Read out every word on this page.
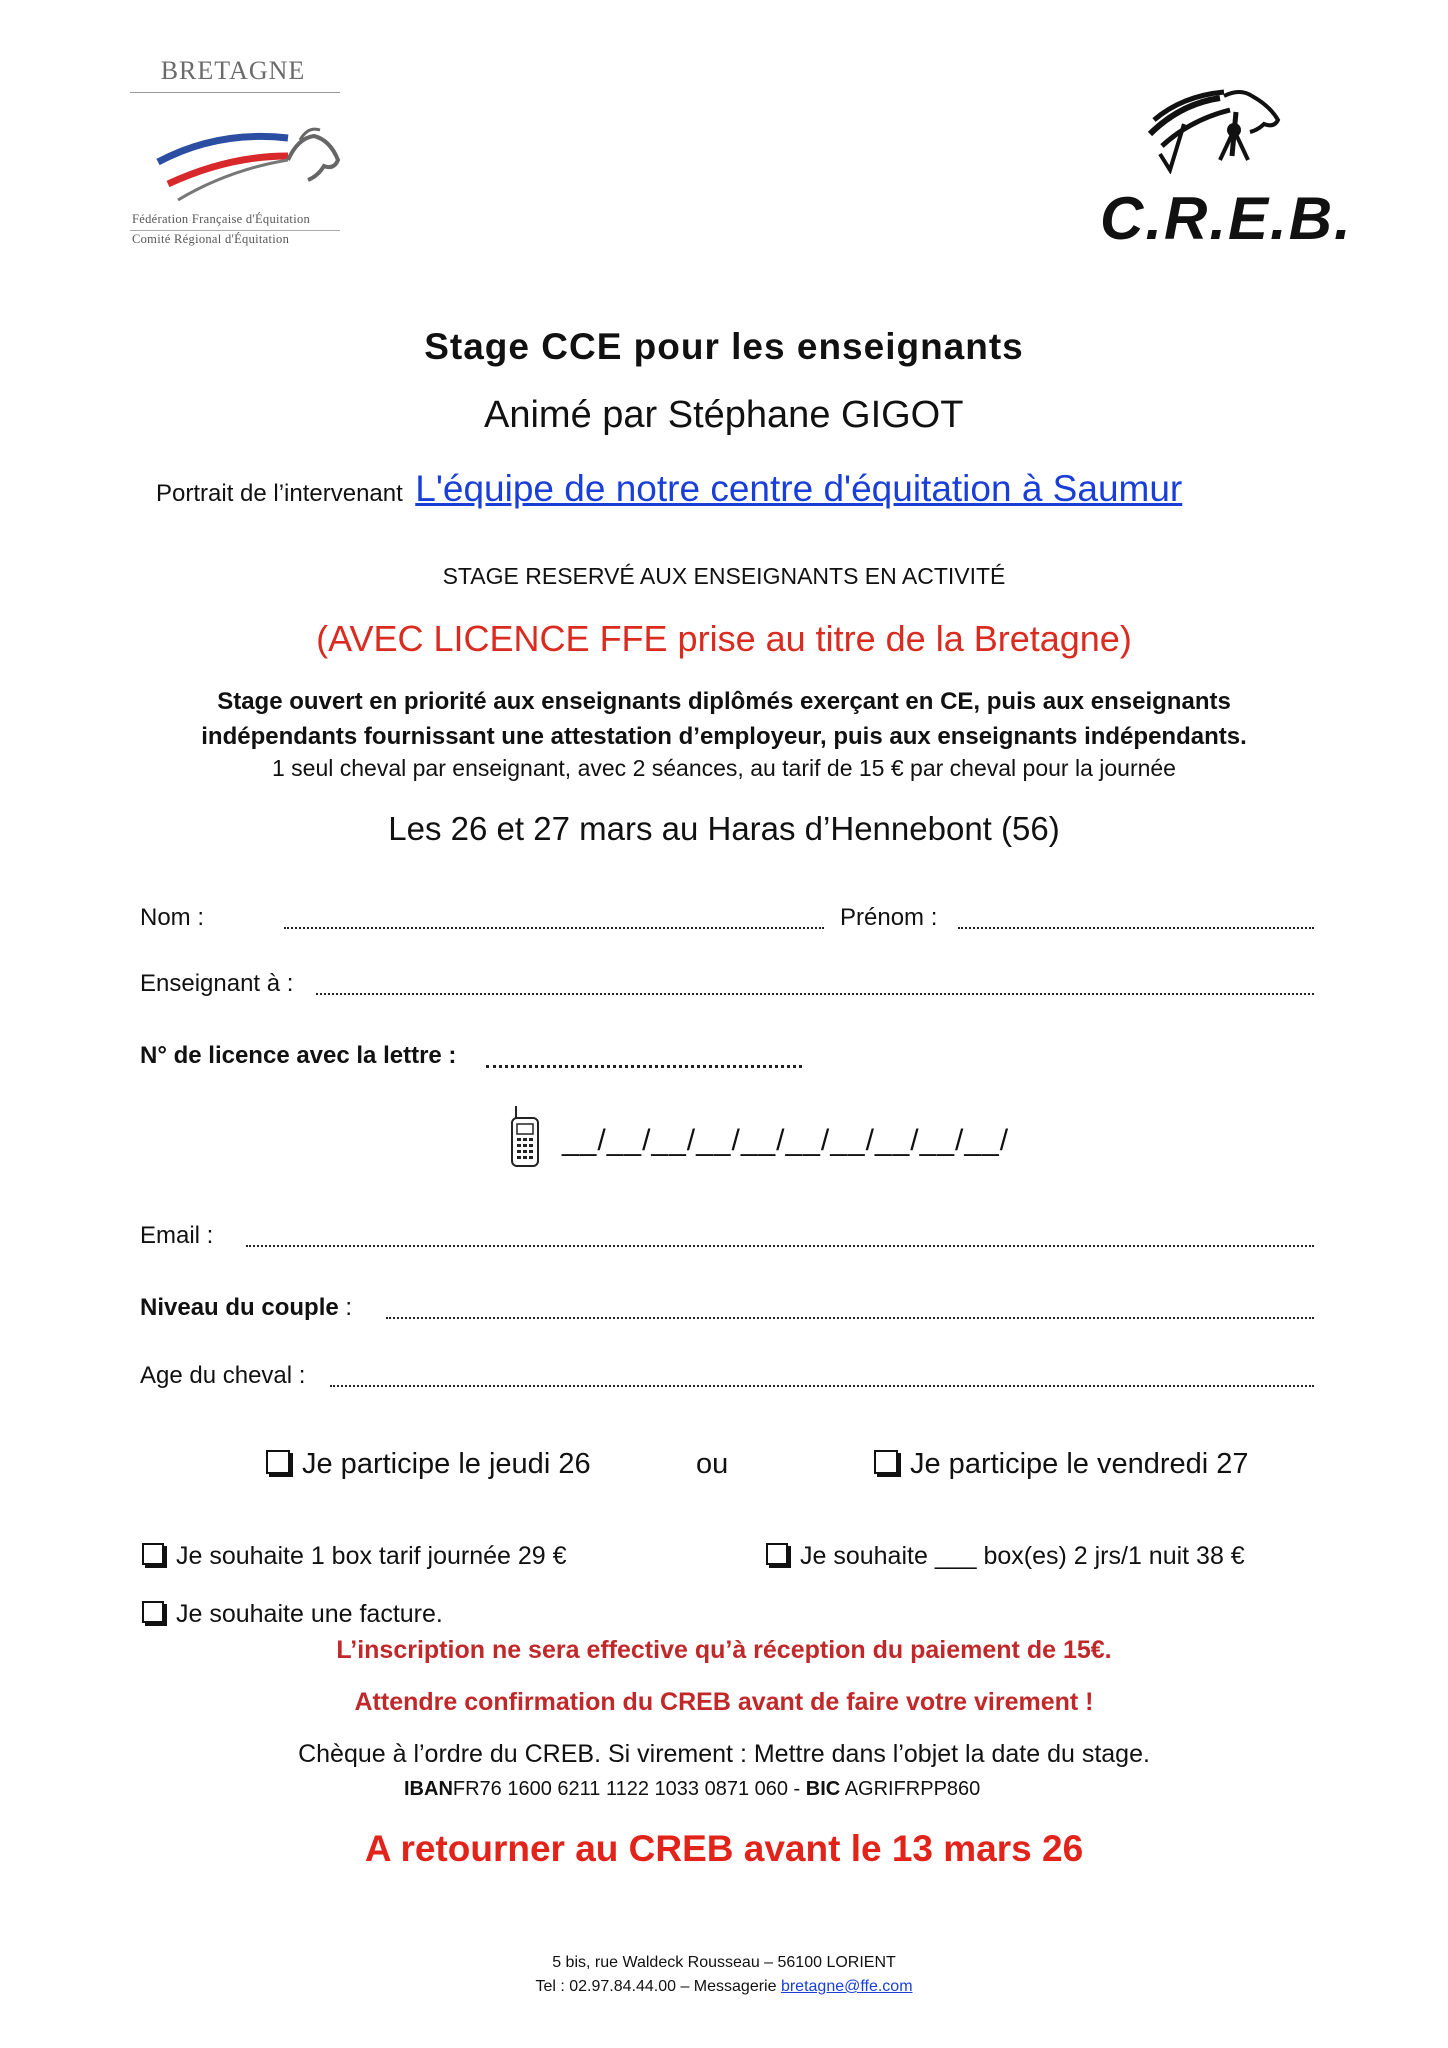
BRETAGNE
Fédération Française d'Équitation
Comité Régional d'Équitation	C.R.E.B.
Stage CCE pour les enseignants
Animé par Stéphane GIGOT
Portrait de l’intervenant L'équipe de notre centre d'équitation à Saumur
STAGE RESERVÉ AUX ENSEIGNANTS EN ACTIVITÉ
(AVEC LICENCE FFE prise au titre de la Bretagne)
Stage ouvert en priorité aux enseignants diplômés exerçant en CE, puis aux enseignants
indépendants fournissant une attestation d’employeur, puis aux enseignants indépendants.
1 seul cheval par enseignant, avec 2 séances, au tarif de 15 € par cheval pour la journée
Les 26 et 27 mars au Haras d’Hennebont (56)
Nom :	Prénom :
Enseignant à :
N° de licence avec la lettre :
__/__/__/__/__/__/__/__/__/__/
Email :
Niveau du couple :
Age du cheval :
Je participe le jeudi 26	ou	Je participe le vendredi 27
Je souhaite 1 box tarif journée 29 €	Je souhaite ___ box(es) 2 jrs/1 nuit 38 €
Je souhaite une facture.
L’inscription ne sera effective qu’à réception du paiement de 15€.
Attendre confirmation du CREB avant de faire votre virement !
Chèque à l’ordre du CREB. Si virement : Mettre dans l’objet la date du stage.
IBANFR76 1600 6211 1122 1033 0871 060 - BIC AGRIFRPP860
A retourner au CREB avant le 13 mars 26
5 bis, rue Waldeck Rousseau – 56100 LORIENT
Tel : 02.97.84.44.00 – Messagerie bretagne@ffe.com
